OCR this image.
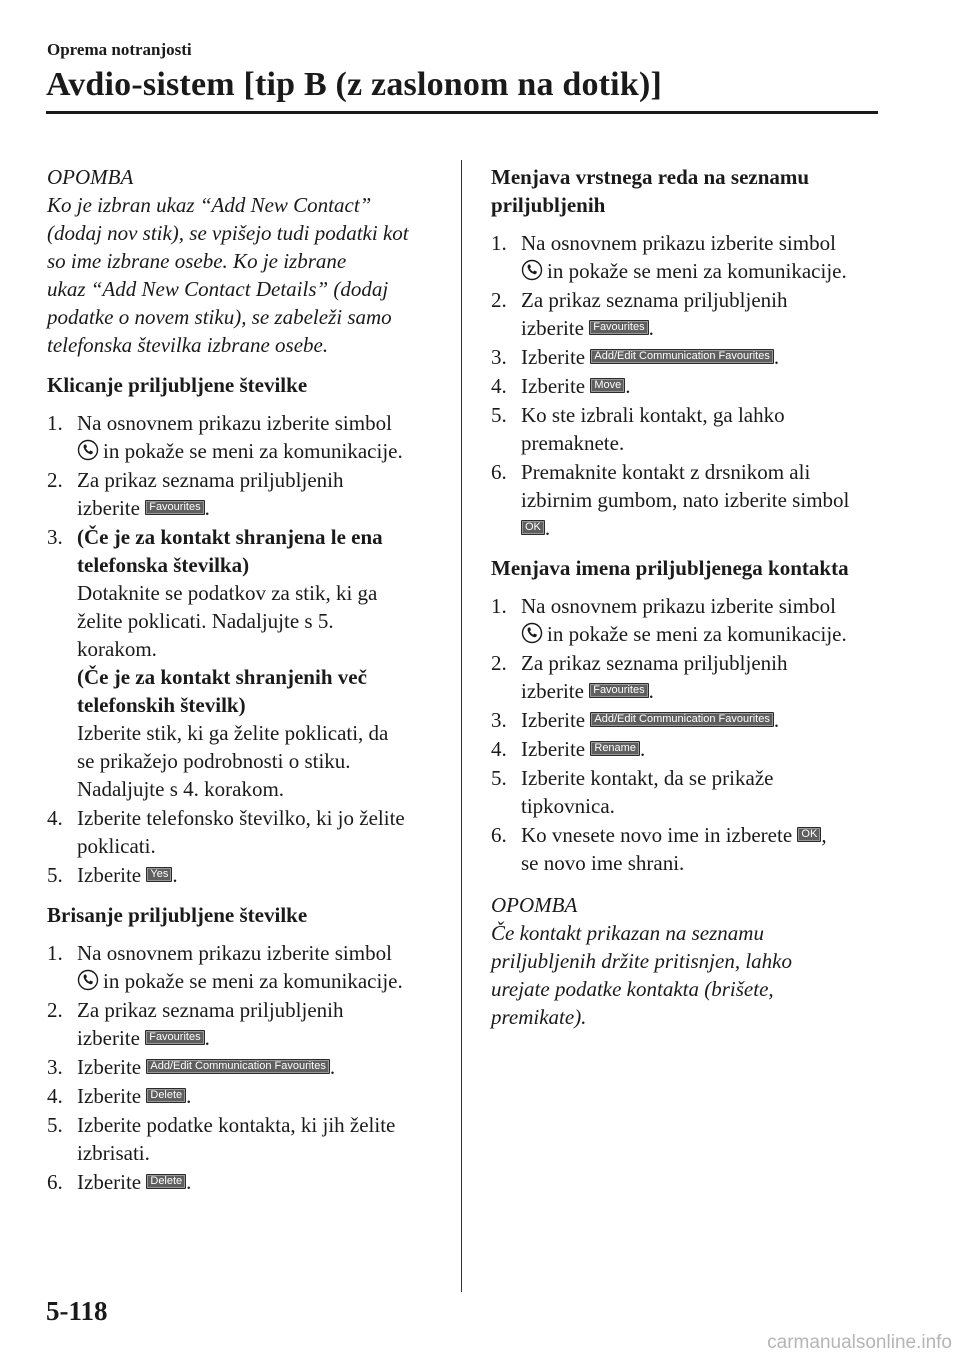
Oprema notranjosti
Avdio-sistem [tip B (z zaslonom na dotik)]
OPOMBA
Ko je izbran ukaz “Add New Contact”
(dodaj nov stik), se vpišejo tudi podatki kot
so ime izbrane osebe. Ko je izbrane
ukaz “Add New Contact Details” (dodaj
podatke o novem stiku), se zabeleži samo
telefonska številka izbrane osebe.
Klicanje priljubljene številke
1. Na osnovnem prikazu izberite simbol
in pokaže se meni za komunikacije.
2. Za prikaz seznama priljubljenih
izberite Favourites .
3. (Če je za kontakt shranjena le ena
telefonska številka)
Dotaknite se podatkov za stik, ki ga
želite poklicati. Nadaljujte s 5.
korakom.
(Če je za kontakt shranjenih več
telefonskih številk)
Izberite stik, ki ga želite poklicati, da
se prikažejo podrobnosti o stiku.
Nadaljujte s 4. korakom.
4. Izberite telefonsko številko, ki jo želite
poklicati.
5. Izberite Yes .
Brisanje priljubljene številke
1. Na osnovnem prikazu izberite simbol
in pokaže se meni za komunikacije.
2. Za prikaz seznama priljubljenih
izberite Favourites .
3. Izberite Add/Edit Communication Favourites .
4. Izberite Delete .
5. Izberite podatke kontakta, ki jih želite
izbrisati.
6. Izberite Delete .
Menjava vrstnega reda na seznamu
priljubljenih
1. Na osnovnem prikazu izberite simbol
in pokaže se meni za komunikacije.
2. Za prikaz seznama priljubljenih
izberite Favourites .
3. Izberite Add/Edit Communication Favourites .
4. Izberite Move .
5. Ko ste izbrali kontakt, ga lahko
premaknete.
6. Premaknite kontakt z drsnikom ali
izbirnim gumbom, nato izberite simbol
OK .
Menjava imena priljubljenega kontakta
1. Na osnovnem prikazu izberite simbol
in pokaže se meni za komunikacije.
2. Za prikaz seznama priljubljenih
izberite Favourites .
3. Izberite Add/Edit Communication Favourites .
4. Izberite Rename .
5. Izberite kontakt, da se prikaže
tipkovnica.
6. Ko vnesete novo ime in izberete OK ,
se novo ime shrani.
OPOMBA
Če kontakt prikazan na seznamu
priljubljenih držite pritisnjen, lahko
urejate podatke kontakta (brišete,
premikate).
5-118
carmanualsonline.info
